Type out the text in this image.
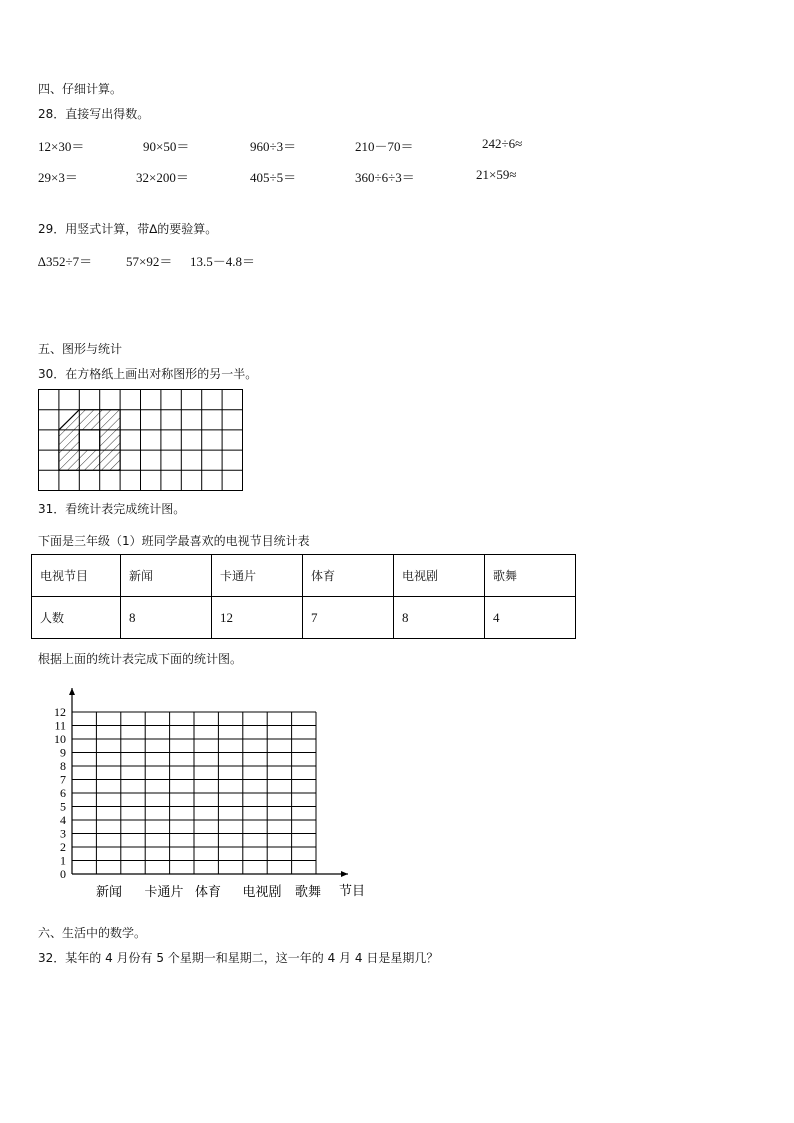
四、仔细计算。
28．直接写出得数。
12×30＝	90×50＝	960÷3＝	210－70＝	242÷6≈
29×3＝	32×200＝	405÷5＝	360÷6÷3＝	21×59≈
29．用竖式计算，带∆的要验算。
∆352÷7＝	57×92＝ 13.5－4.8＝
五、图形与统计
30．在方格纸上画出对称图形的另一半。
31．看统计表完成统计图。
下面是三年级（1）班同学最喜欢的电视节目统计表
电视节目	新闻	卡通片	体育	电视剧	歌舞
人数	8	12	7	8	4
根据上面的统计表完成下面的统计图。
0
1
2
3
4
5
6
7
8
9
10
11
12
新闻 卡通片 体育 电视剧 歌舞 节目
六、生活中的数学。
32．某年的 4 月份有 5 个星期一和星期二，这一年的 4 月 4 日是星期几？
